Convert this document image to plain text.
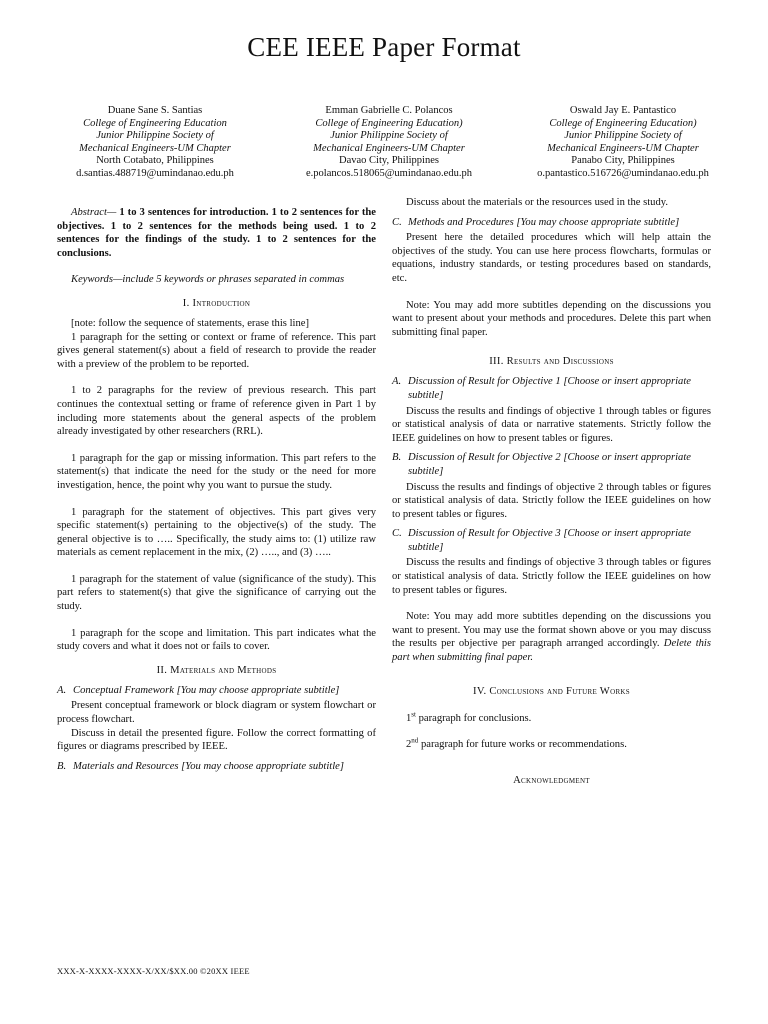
CEE IEEE Paper Format
Duane Sane S. Santias
College of Engineering Education
Junior Philippine Society of
Mechanical Engineers-UM Chapter
North Cotabato, Philippines
d.santias.488719@umindanao.edu.ph
Emman Gabrielle C. Polancos
College of Engineering Education)
Junior Philippine Society of
Mechanical Engineers-UM Chapter
Davao City, Philippines
e.polancos.518065@umindanao.edu.ph
Oswald Jay E. Pantastico
College of Engineering Education)
Junior Philippine Society of
Mechanical Engineers-UM Chapter
Panabo City, Philippines
o.pantastico.516726@umindanao.edu.ph

Abstract— 1 to 3 sentences for introduction. 1 to 2 sentences for the objectives. 1 to 2 sentences for the methods being used. 1 to 2 sentences for the findings of the study. 1 to 2 sentences for the conclusions.

Keywords—include 5 keywords or phrases separated in commas

I. Introduction

[note: follow the sequence of statements, erase this line]

1 paragraph for the setting or context or frame of reference. This part gives general statement(s) about a field of research to provide the reader with a preview of the problem to be reported.

1 to 2 paragraphs for the review of previous research. This part continues the contextual setting or frame of reference given in Part 1 by including more statements about the general aspects of the problem already investigated by other researchers (RRL).

1 paragraph for the gap or missing information. This part refers to the statement(s) that indicate the need for the study or the need for more investigation, hence, the point why you want to pursue the study.

1 paragraph for the statement of objectives. This part gives very specific statement(s) pertaining to the objective(s) of the study. The general objective is to ….. Specifically, the study aims to: (1) utilize raw materials as cement replacement in the mix, (2) ….., and (3) …..

1 paragraph for the statement of value (significance of the study). This part refers to statement(s) that give the significance of carrying out the study.

1 paragraph for the scope and limitation. This part indicates what the study covers and what it does not or fails to cover.

II. Materials and Methods

A. Conceptual Framework [You may choose appropriate subtitle]

Present conceptual framework or block diagram or system flowchart or process flowchart.

Discuss in detail the presented figure. Follow the correct formatting of figures or diagrams prescribed by IEEE.

B. Materials and Resources [You may choose appropriate subtitle]

Discuss about the materials or the resources used in the study.

C. Methods and Procedures [You may choose appropriate subtitle]

Present here the detailed procedures which will help attain the objectives of the study. You can use here process flowcharts, formulas or equations, industry standards, or testing procedures based on standards, etc.

Note: You may add more subtitles depending on the discussions you want to present about your methods and procedures. Delete this part when submitting final paper.

III. Results and Discussions

A. Discussion of Result for Objective 1 [Choose or insert appropriate subtitle]

Discuss the results and findings of objective 1 through tables or figures or statistical analysis of data or narrative statements. Strictly follow the IEEE guidelines on how to present tables or figures.

B. Discussion of Result for Objective 2 [Choose or insert appropriate subtitle]

Discuss the results and findings of objective 2 through tables or figures or statistical analysis of data. Strictly follow the IEEE guidelines on how to present tables or figures.

C. Discussion of Result for Objective 3 [Choose or insert appropriate subtitle]

Discuss the results and findings of objective 3 through tables or figures or statistical analysis of data. Strictly follow the IEEE guidelines on how to present tables or figures.

Note: You may add more subtitles depending on the discussions you want to present. You may use the format shown above or you may discuss the results per objective per paragraph arranged accordingly. Delete this part when submitting final paper.

IV. Conclusions and Future Works

1st paragraph for conclusions.

2nd paragraph for future works or recommendations.

Acknowledgment
XXX-X-XXXX-XXXX-X/XX/$XX.00 ©20XX IEEE
